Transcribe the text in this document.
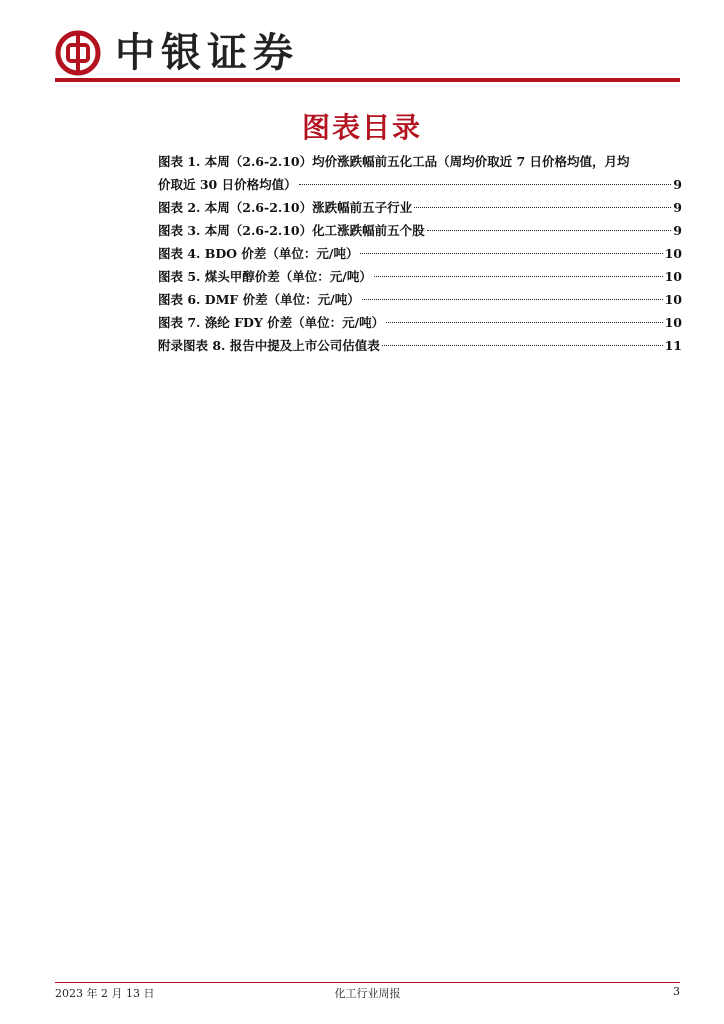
中银证券
图表目录
图表 1. 本周（2.6-2.10）均价涨跌幅前五化工品（周均价取近 7 日价格均值，月均
价取近 30 日价格均值）	9
图表 2. 本周（2.6-2.10）涨跌幅前五子行业	9
图表 3. 本周（2.6-2.10）化工涨跌幅前五个股	9
图表 4. BDO 价差（单位：元/吨）	10
图表 5. 煤头甲醇价差（单位：元/吨）	10
图表 6. DMF 价差（单位：元/吨）	10
图表 7. 涤纶 FDY 价差（单位：元/吨）	10
附录图表 8. 报告中提及上市公司估值表	11
2023 年 2 月 13 日	化工行业周报	3
